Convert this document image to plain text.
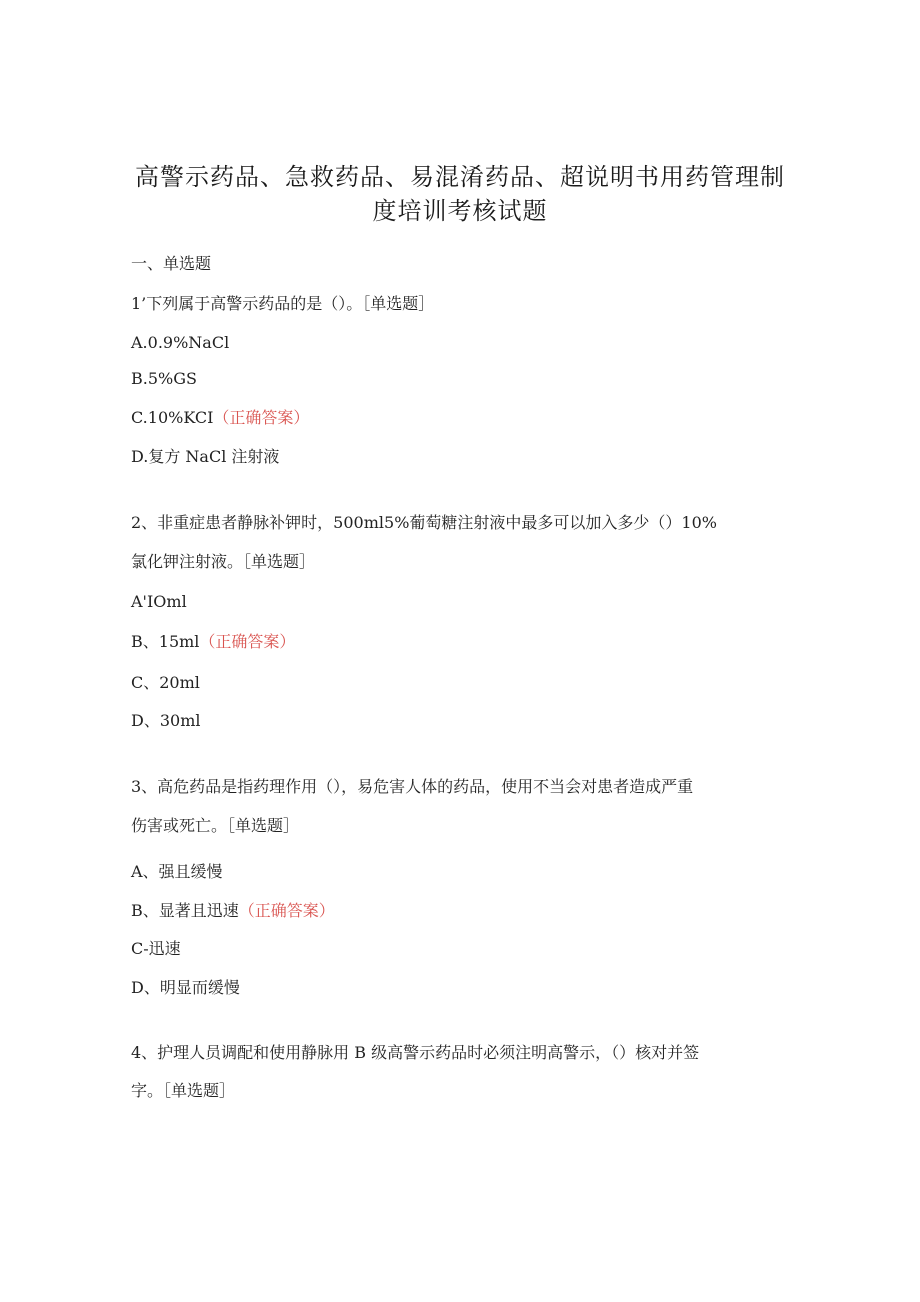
高警示药品、急救药品、易混淆药品、超说明书用药管理制
度培训考核试题
一、单选题
1’下列属于高警示药品的是（）。［单选题］
A.0.9%NaCl
B.5%GS
C.10%KCI（正确答案）
D.复方 NaCl 注射液
2、非重症患者静脉补钾时，500ml5%葡萄糖注射液中最多可以加入多少（）10%
氯化钾注射液。［单选题］
A'IOml
B、15ml（正确答案）
C、20ml
D、30ml
3、高危药品是指药理作用（），易危害人体的药品，使用不当会对患者造成严重
伤害或死亡。［单选题］
A、强且缓慢
B、显著且迅速（正确答案）
C-迅速
D、明显而缓慢
4、护理人员调配和使用静脉用 B 级高警示药品时必须注明高警示，（）核对并签
字。［单选题］
